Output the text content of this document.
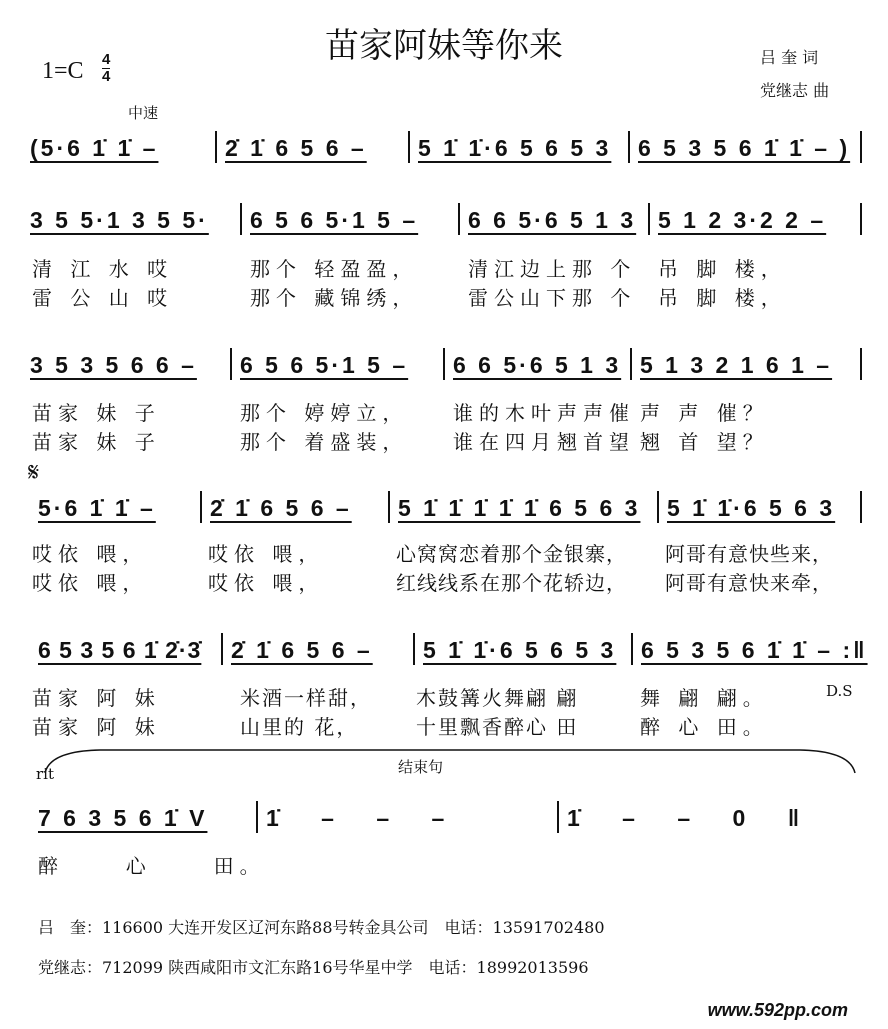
苗家阿妹等你来	吕 奎 词
党继志 曲
1=C 4
4
中速
(5·6 1̇ 1̇ –	2̇ 1̇ 6 5 6 – 5 1̇ 1̇·6 5 6 5 3 6 5 3 5 6 1̇ 1̇ – )
3 5 5·1 3 5 5· 6 5 6 5·1 5 – 6 6 5·6 5 1 3 5 1 2 3·2 2 –
清 江 水 哎	那个 轻盈盈， 清江边上那 个 吊 脚 楼，
雷 公 山 哎	那个 藏锦绣， 雷公山下那 个 吊 脚 楼，
3 5 3 5 6 6 – 6 5 6 5·1 5 – 6 6 5·6 5 1 3 5 1 3 2 1 6 1 –
苗家 妹 子	那个 婷婷立， 谁的木叶声声催 声 声 催？
苗家 妹 子	那个 着盛装， 谁在四月翘首望 翘 首 望？
𝄋
5·6 1̇ 1̇ – 2̇ 1̇ 6 5 6 – 5 1̇ 1̇ 1̇ 1̇ 1̇ 6 5 6 3 5 1̇ 1̇·6 5 6 3
哎依 喂，	哎依 喂，	心窝窝恋着那个金银寨， 阿哥有意快些来，
哎依 喂，	哎依 喂，	红线线系在那个花轿边， 阿哥有意快来牵，
6 5 3 5 6 1̇ 2̇·3̇ 2̇ 1̇ 6 5 6 – 5 1̇ 1̇·6 5 6 5 3 6 5 3 5 6 1̇ 1̇ – :‖
苗家 阿 妹	米酒一样甜， 木鼓篝火舞翩 翩	舞 翩 翩。	D.S
苗家 阿 妹	山里的 花，	十里飘香醉心 田	醉 心 田。
rit	结束句
7 6 3 5 6 1̇ V	1̇ – – –	1̇ – – 0 ‖
醉     心     田。
吕　奎：116600 大连开发区辽河东路88号转金具公司　电话：13591702480
党继志：712099 陕西咸阳市文汇东路16号华星中学　电话：18992013596
www.592pp.com
